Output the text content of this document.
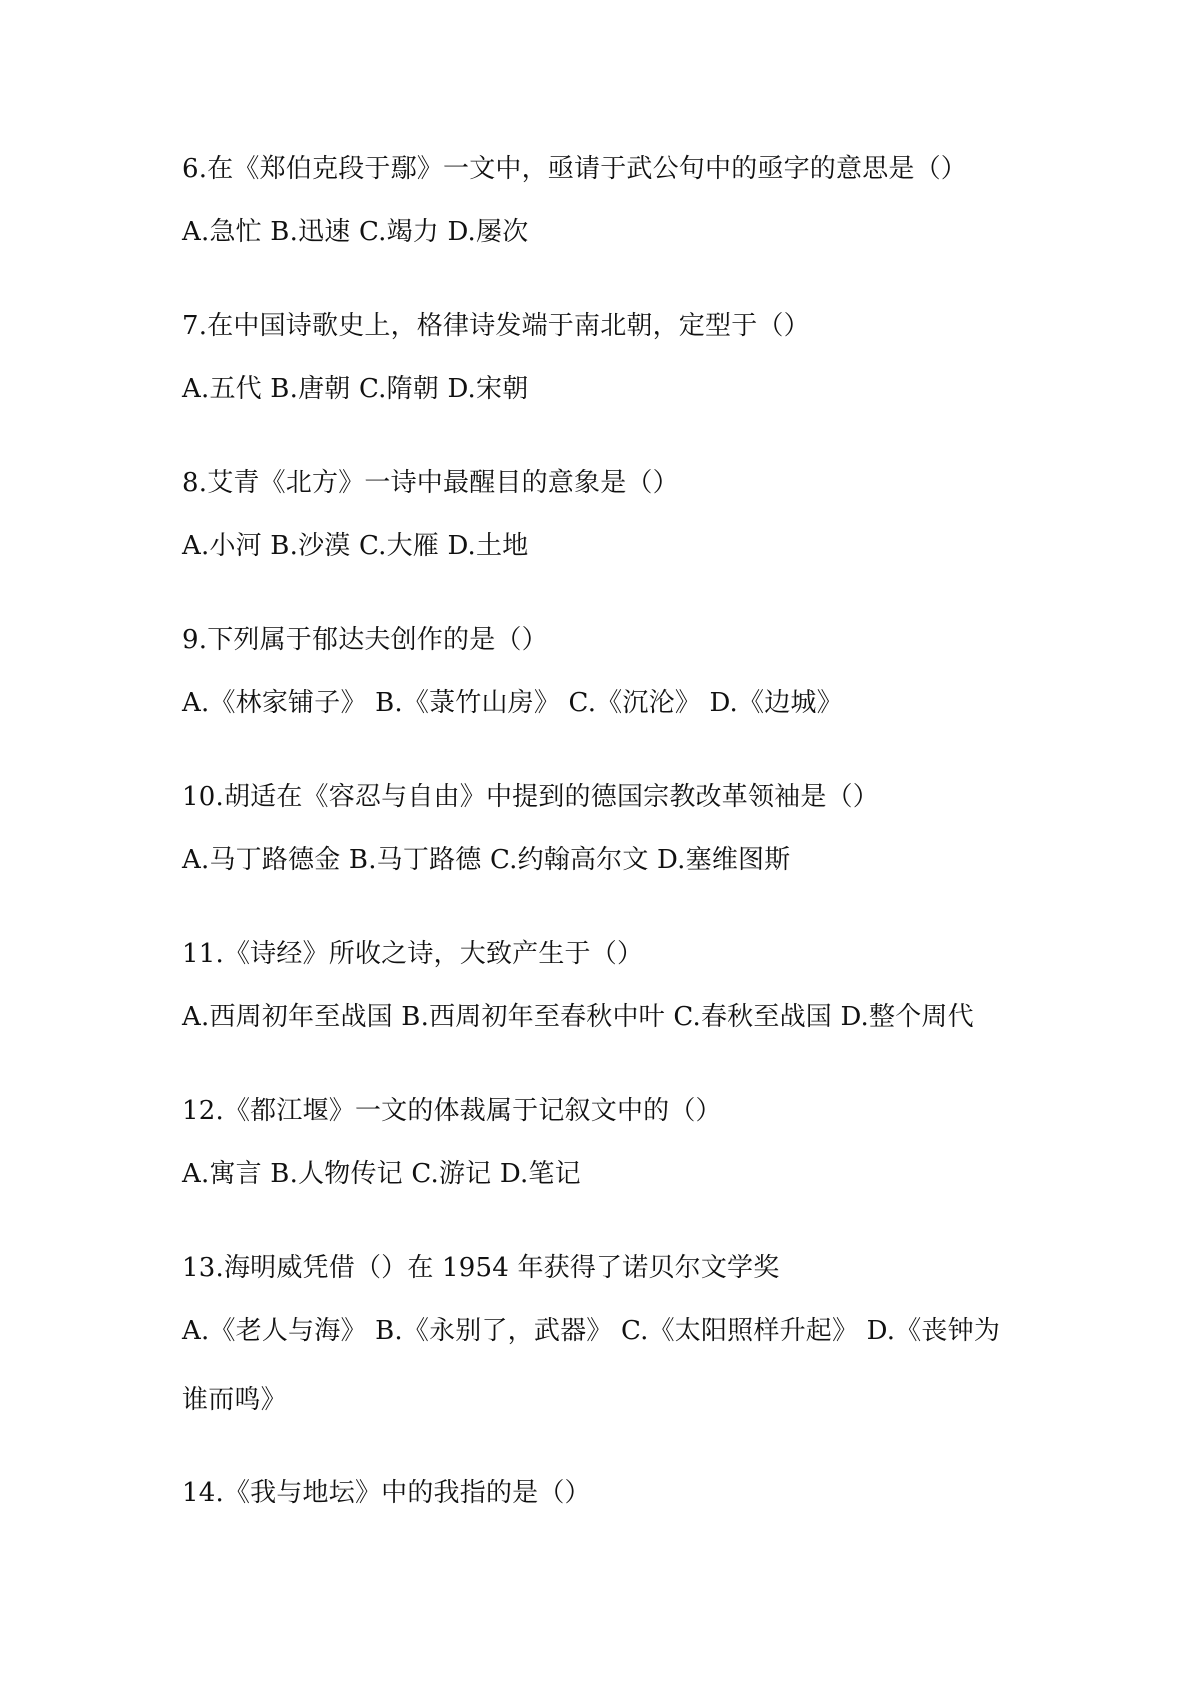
6.在《郑伯克段于鄢》一文中，亟请于武公句中的亟字的意思是（）
A.急忙 B.迅速 C.竭力 D.屡次
7.在中国诗歌史上，格律诗发端于南北朝，定型于（）
A.五代 B.唐朝 C.隋朝 D.宋朝
8.艾青《北方》一诗中最醒目的意象是（）
A.小河 B.沙漠 C.大雁 D.土地
9.下列属于郁达夫创作的是（）
A.《林家铺子》 B.《菉竹山房》 C.《沉沦》 D.《边城》
10.胡适在《容忍与自由》中提到的德国宗教改革领袖是（）
A.马丁路德金 B.马丁路德 C.约翰高尔文 D.塞维图斯
11.《诗经》所收之诗，大致产生于（）
A.西周初年至战国 B.西周初年至春秋中叶 C.春秋至战国 D.整个周代
12.《都江堰》一文的体裁属于记叙文中的（）
A.寓言 B.人物传记 C.游记 D.笔记
13.海明威凭借（）在 1954 年获得了诺贝尔文学奖
A.《老人与海》 B.《永别了，武器》 C.《太阳照样升起》 D.《丧钟为
谁而鸣》
14.《我与地坛》中的我指的是（）
